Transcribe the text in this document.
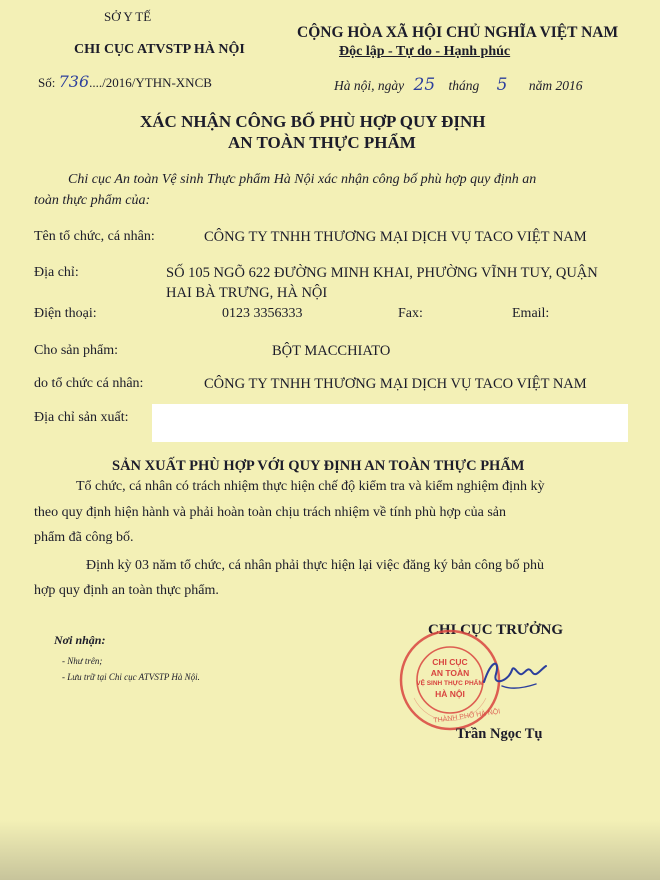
SỞ Y TẾ
CHI CỤC ATVSTP HÀ NỘI
Số: 736..../2016/YTHN-XNCB
CỘNG HÒA XÃ HỘI CHỦ NGHĨA VIỆT NAM
Độc lập - Tự do - Hạnh phúc
Hà nội, ngày 25 tháng 5 năm 2016
XÁC NHẬN CÔNG BỐ PHÙ HỢP QUY ĐỊNH
AN TOÀN THỰC PHẨM
Chi cục An toàn Vệ sinh Thực phẩm Hà Nội xác nhận công bố phù hợp quy định an
toàn thực phẩm của:
Tên tổ chức, cá nhân:	CÔNG TY TNHH THƯƠNG MẠI DỊCH VỤ TACO VIỆT NAM
Địa chỉ:	SỐ 105 NGÕ 622 ĐƯỜNG MINH KHAI, PHƯỜNG VĨNH TUY, QUẬN
HAI BÀ TRƯNG, HÀ NỘI
Điện thoại:	0123 3356333	Fax:	Email:
Cho sản phẩm:	BỘT MACCHIATO
do tổ chức cá nhân:	CÔNG TY TNHH THƯƠNG MẠI DỊCH VỤ TACO VIỆT NAM
Địa chỉ sản xuất:
SẢN XUẤT PHÙ HỢP VỚI QUY ĐỊNH AN TOÀN THỰC PHẨM
Tổ chức, cá nhân có trách nhiệm thực hiện chế độ kiểm tra và kiểm nghiệm định kỳ
theo quy định hiện hành và phải hoàn toàn chịu trách nhiệm về tính phù hợp của sản
phẩm đã công bố.
Định kỳ 03 năm tổ chức, cá nhân phải thực hiện lại việc đăng ký bản công bố phù
hợp quy định an toàn thực phẩm.
Nơi nhận:
- Như trên;
- Lưu trữ tại Chi cục ATVSTP Hà Nội.
CHI CỤC TRƯỞNG
THÀNH PHỐ HÀ NỘI
CHI CỤC
AN TOÀN
VỆ SINH THỰC PHẨM
HÀ NỘI
Trần Ngọc Tụ
